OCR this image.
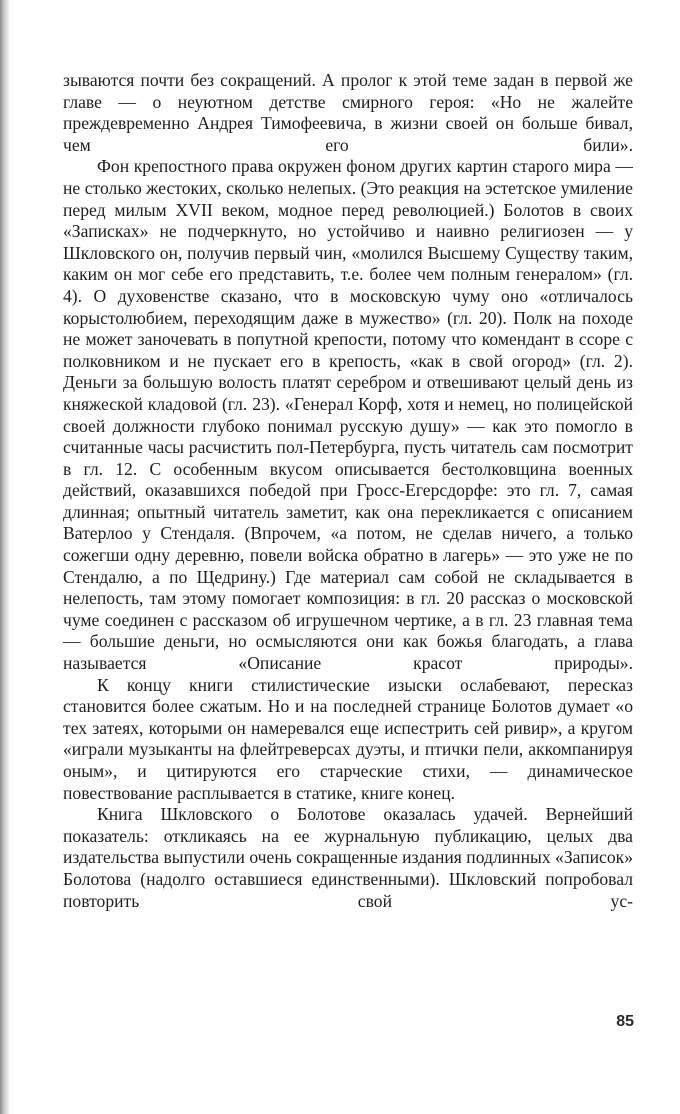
зываются почти без сокращений. А пролог к этой теме задан в первой же главе — о неуютном детстве смирного героя: «Но не жалейте преждевременно Андрея Тимофеевича, в жизни своей он больше бивал, чем его били».

Фон крепостного права окружен фоном других картин старого мира — не столько жестоких, сколько нелепых. (Это реакция на эстетское умиление перед милым XVII веком, модное перед революцией.) Болотов в своих «Записках» не подчеркнуто, но устойчиво и наивно религиозен — у Шкловского он, получив первый чин, «молился Высшему Существу таким, каким он мог себе его представить, т.е. более чем полным генералом» (гл. 4). О духовенстве сказано, что в московскую чуму оно «отличалось корыстолюбием, переходящим даже в мужество» (гл. 20). Полк на походе не может заночевать в попутной крепости, потому что комендант в ссоре с полковником и не пускает его в крепость, «как в свой огород» (гл. 2). Деньги за большую волость платят серебром и отвешивают целый день из княжеской кладовой (гл. 23). «Генерал Корф, хотя и немец, но полицейской своей должности глубоко понимал русскую душу» — как это помогло в считанные часы расчистить пол-Петербурга, пусть читатель сам посмотрит в гл. 12. С особенным вкусом описывается бестолковщина военных действий, оказавшихся победой при Гросс-Егерсдорфе: это гл. 7, самая длинная; опытный читатель заметит, как она перекликается с описанием Ватерлоо у Стендаля. (Впрочем, «а потом, не сделав ничего, а только сожегши одну деревню, повели войска обратно в лагерь» — это уже не по Стендалю, а по Щедрину.) Где материал сам собой не складывается в нелепость, там этому помогает композиция: в гл. 20 рассказ о московской чуме соединен с рассказом об игрушечном чертике, а в гл. 23 главная тема — большие деньги, но осмысляются они как божья благодать, а глава называется «Описание красот природы».

К концу книги стилистические изыски ослабевают, пересказ становится более сжатым. Но и на последней странице Болотов думает «о тех затеях, которыми он намеревался еще испестрить сей ривир», а кругом «играли музыканты на флейтреверсах дуэты, и птички пели, аккомпанируя оным», и цитируются его старческие стихи, — динамическое повествование расплывается в статике, книге конец.

Книга Шкловского о Болотове оказалась удачей. Вернейший показатель: откликаясь на ее журнальную публикацию, целых два издательства выпустили очень сокращенные издания подлинных «Записок» Болотова (надолго оставшиеся единственными). Шкловский попробовал повторить свой ус-

85
